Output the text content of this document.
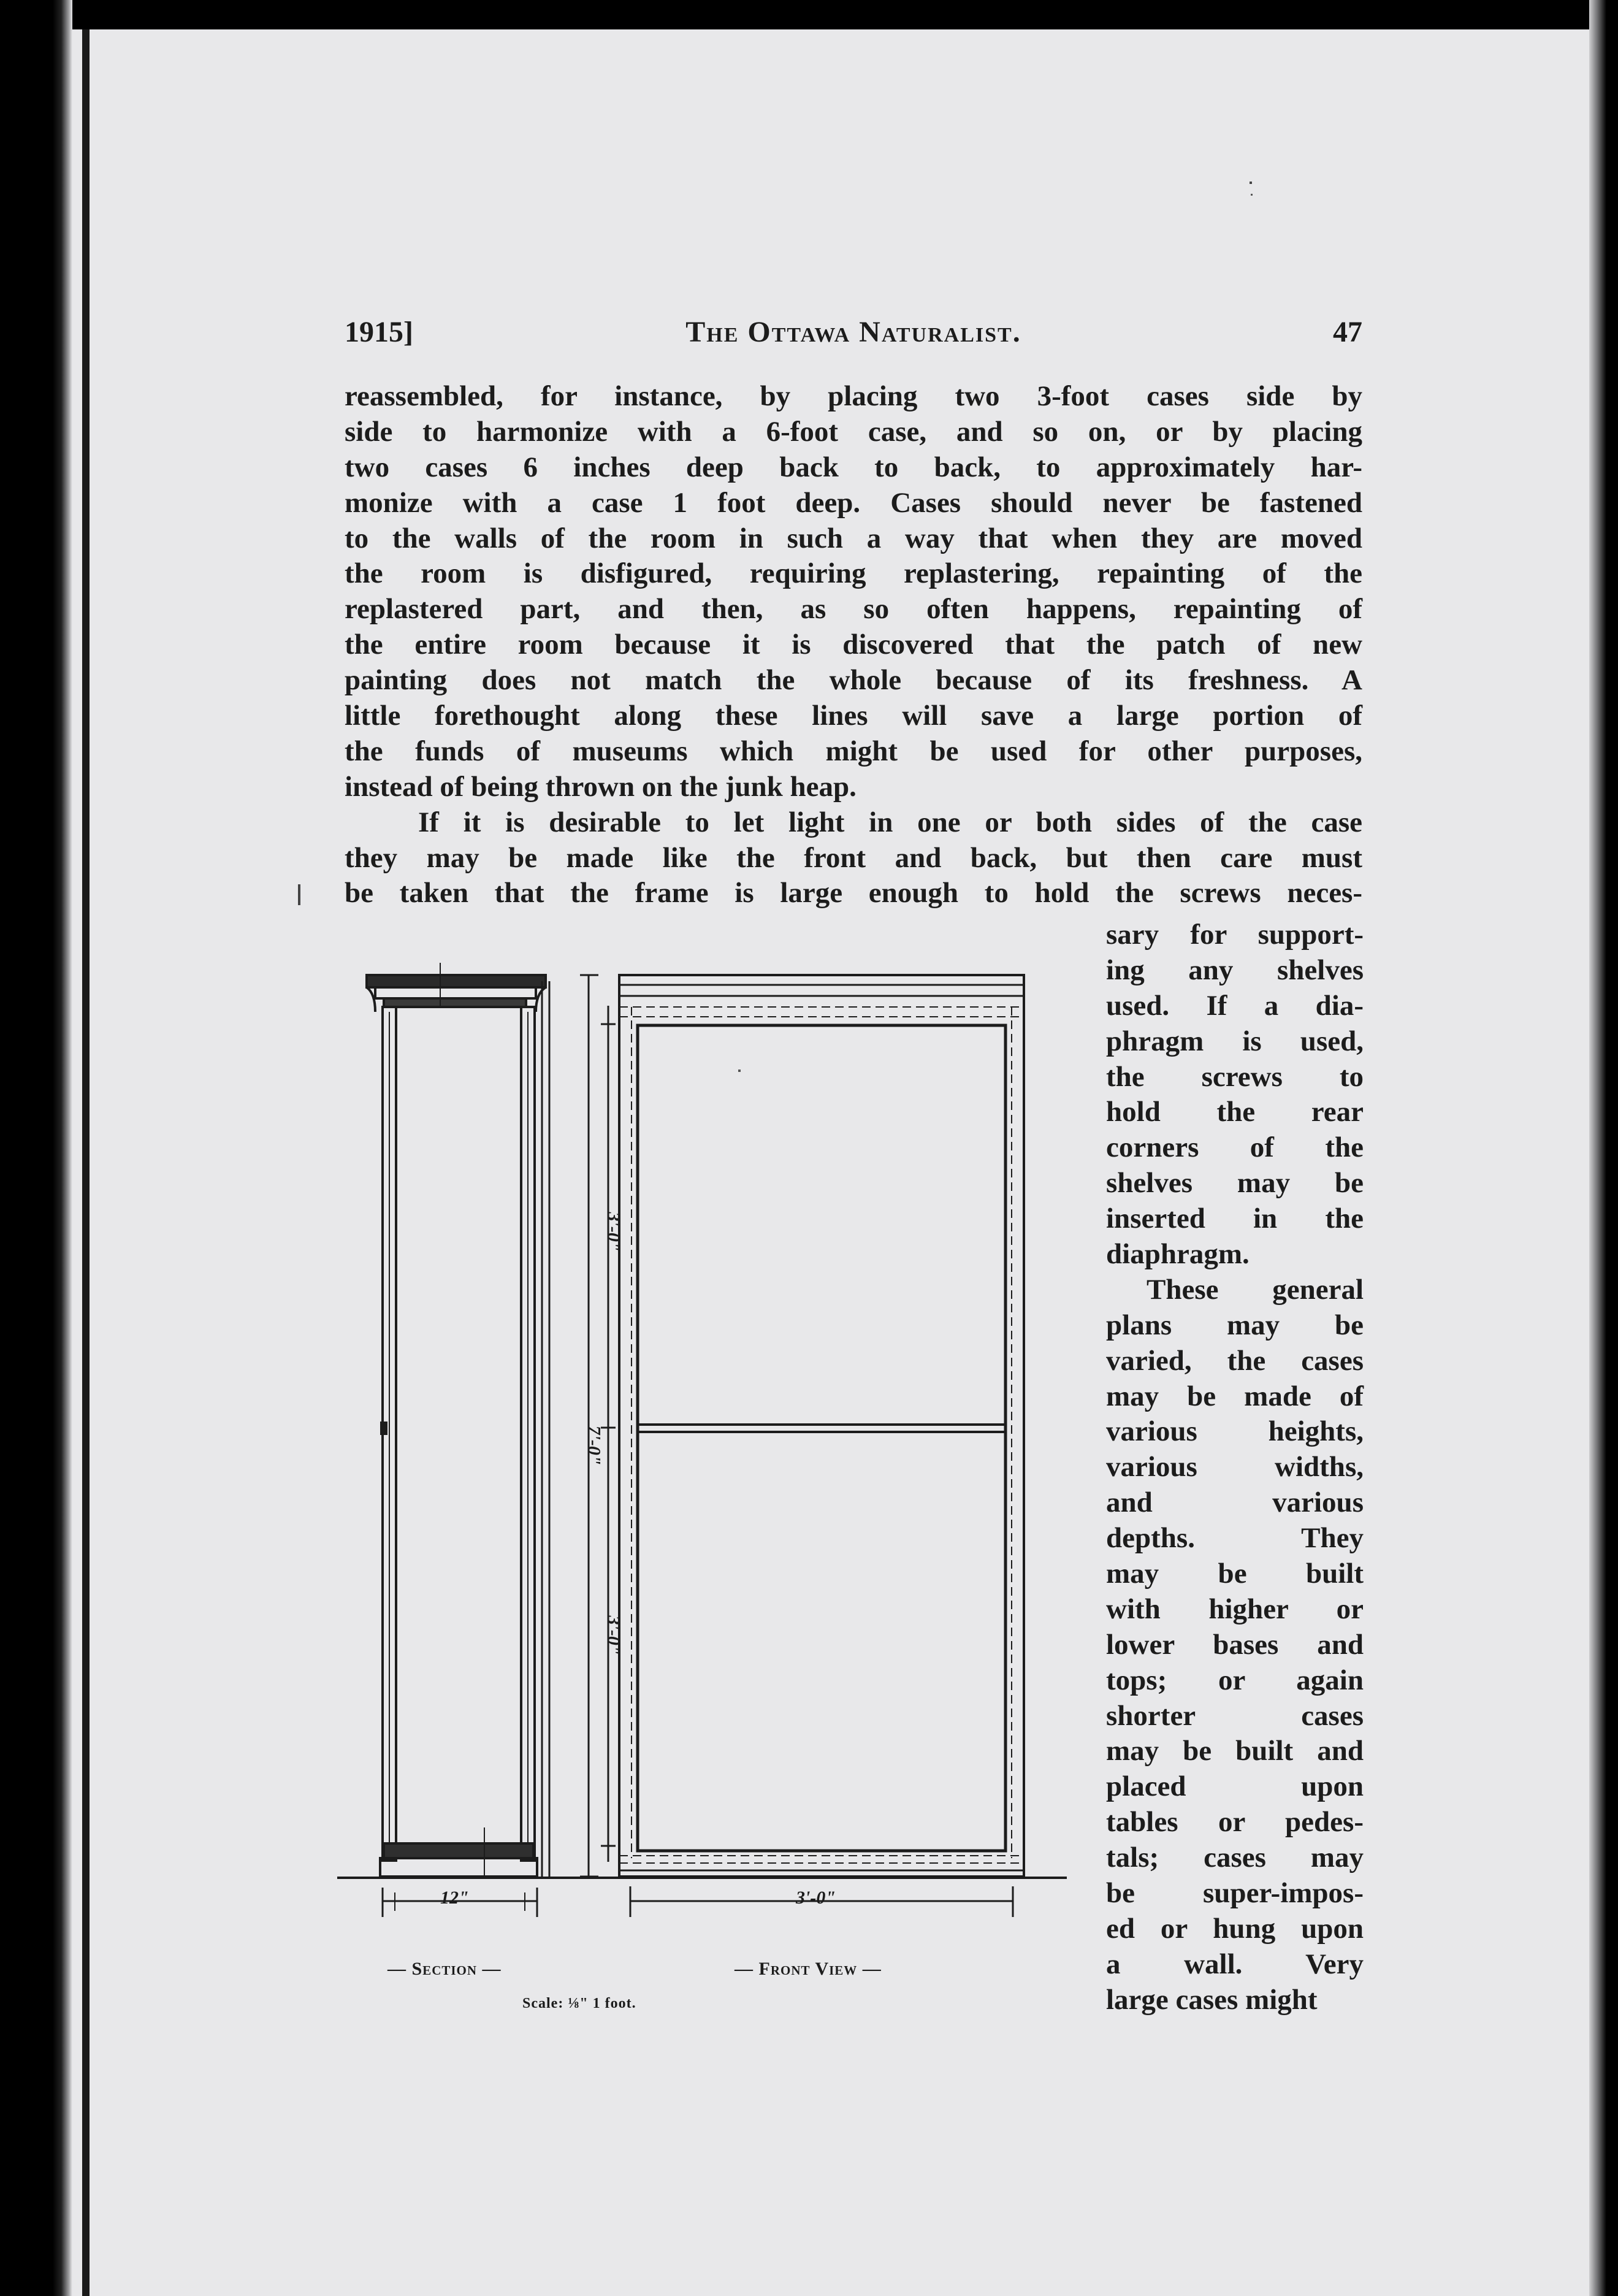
1915]	The Ottawa Naturalist.	47
reassembled, for instance, by placing two 3-foot cases side by
side to harmonize with a 6-foot case, and so on, or by placing
two cases 6 inches deep back to back, to approximately har-
monize with a case 1 foot deep. Cases should never be fastened
to the walls of the room in such a way that when they are moved
the room is disfigured, requiring replastering, repainting of the
replastered part, and then, as so often happens, repainting of
the entire room because it is discovered that the patch of new
painting does not match the whole because of its freshness. A
little forethought along these lines will save a large portion of
the funds of museums which might be used for other purposes,
instead of being thrown on the junk heap.
If it is desirable to let light in one or both sides of the case
they may be made like the front and back, but then care must
be taken that the frame is large enough to hold the screws neces-
sary for support-
ing any shelves
used. If a dia-
phragm is used,
the screws to
hold the rear
corners of the
shelves may be
inserted in the
diaphragm.
These general
plans may be
varied, the cases
may be made of
various heights,
various widths,
and various
depths. They
may be built
with higher or
lower bases and
tops; or again
shorter cases
may be built and
placed upon
tables or pedes-
tals; cases may
be super-impos-
ed or hung upon
a wall. Very
large cases might
12"	3'-0"
7'-0"
3'-0"
3'-0"
— Section —	— Front View —
Scale: ⅛" 1 foot.
